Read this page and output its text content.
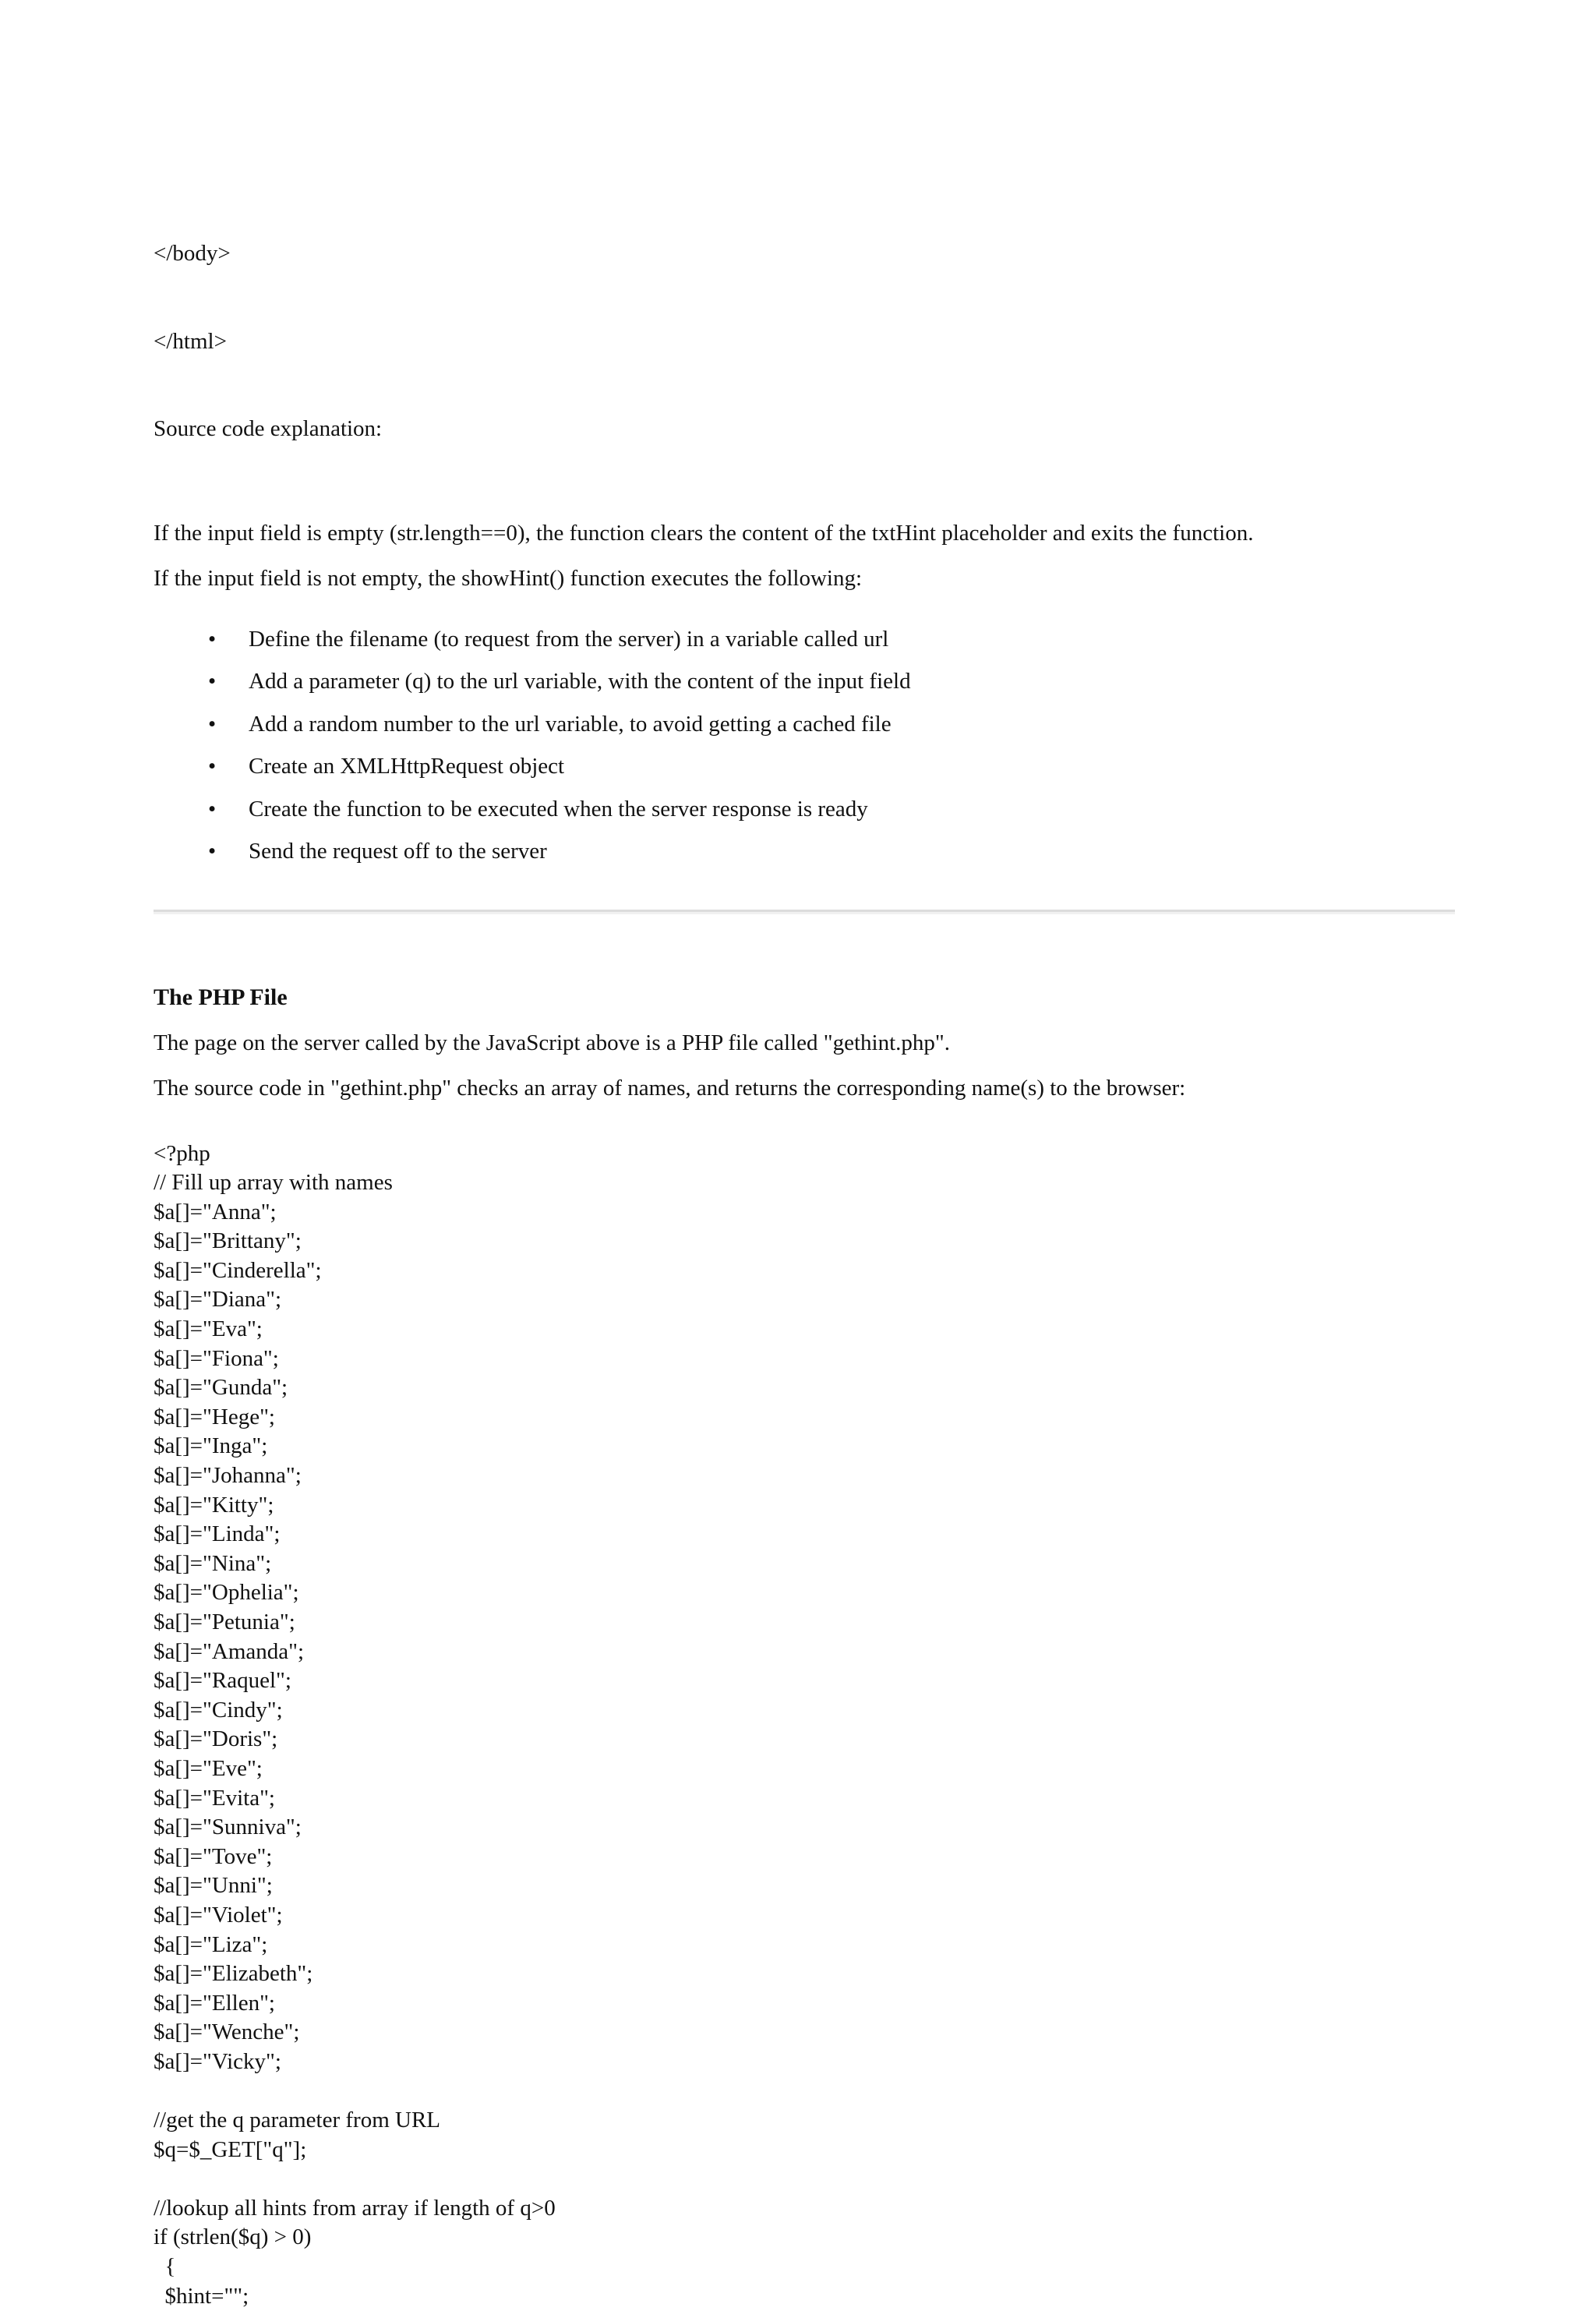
</body>

</html>

Source code explanation:

If the input field is empty (str.length==0), the function clears the content of the txtHint placeholder and exits the function.

If the input field is not empty, the showHint() function executes the following:

• Define the filename (to request from the server) in a variable called url
• Add a parameter (q) to the url variable, with the content of the input field
• Add a random number to the url variable, to avoid getting a cached file
• Create an XMLHttpRequest object
• Create the function to be executed when the server response is ready
• Send the request off to the server
The PHP File

The page on the server called by the JavaScript above is a PHP file called "gethint.php".

The source code in "gethint.php" checks an array of names, and returns the corresponding name(s) to the browser:

<?php
// Fill up array with names
$a[]="Anna";
$a[]="Brittany";
$a[]="Cinderella";
$a[]="Diana";
$a[]="Eva";
$a[]="Fiona";
$a[]="Gunda";
$a[]="Hege";
$a[]="Inga";
$a[]="Johanna";
$a[]="Kitty";
$a[]="Linda";
$a[]="Nina";
$a[]="Ophelia";
$a[]="Petunia";
$a[]="Amanda";
$a[]="Raquel";
$a[]="Cindy";
$a[]="Doris";
$a[]="Eve";
$a[]="Evita";
$a[]="Sunniva";
$a[]="Tove";
$a[]="Unni";
$a[]="Violet";
$a[]="Liza";
$a[]="Elizabeth";
$a[]="Ellen";
$a[]="Wenche";
$a[]="Vicky";
//get the q parameter from URL
$q=$_GET["q"];
//lookup all hints from array if length of q>0
if (strlen($q) > 0)
{
$hint="";
